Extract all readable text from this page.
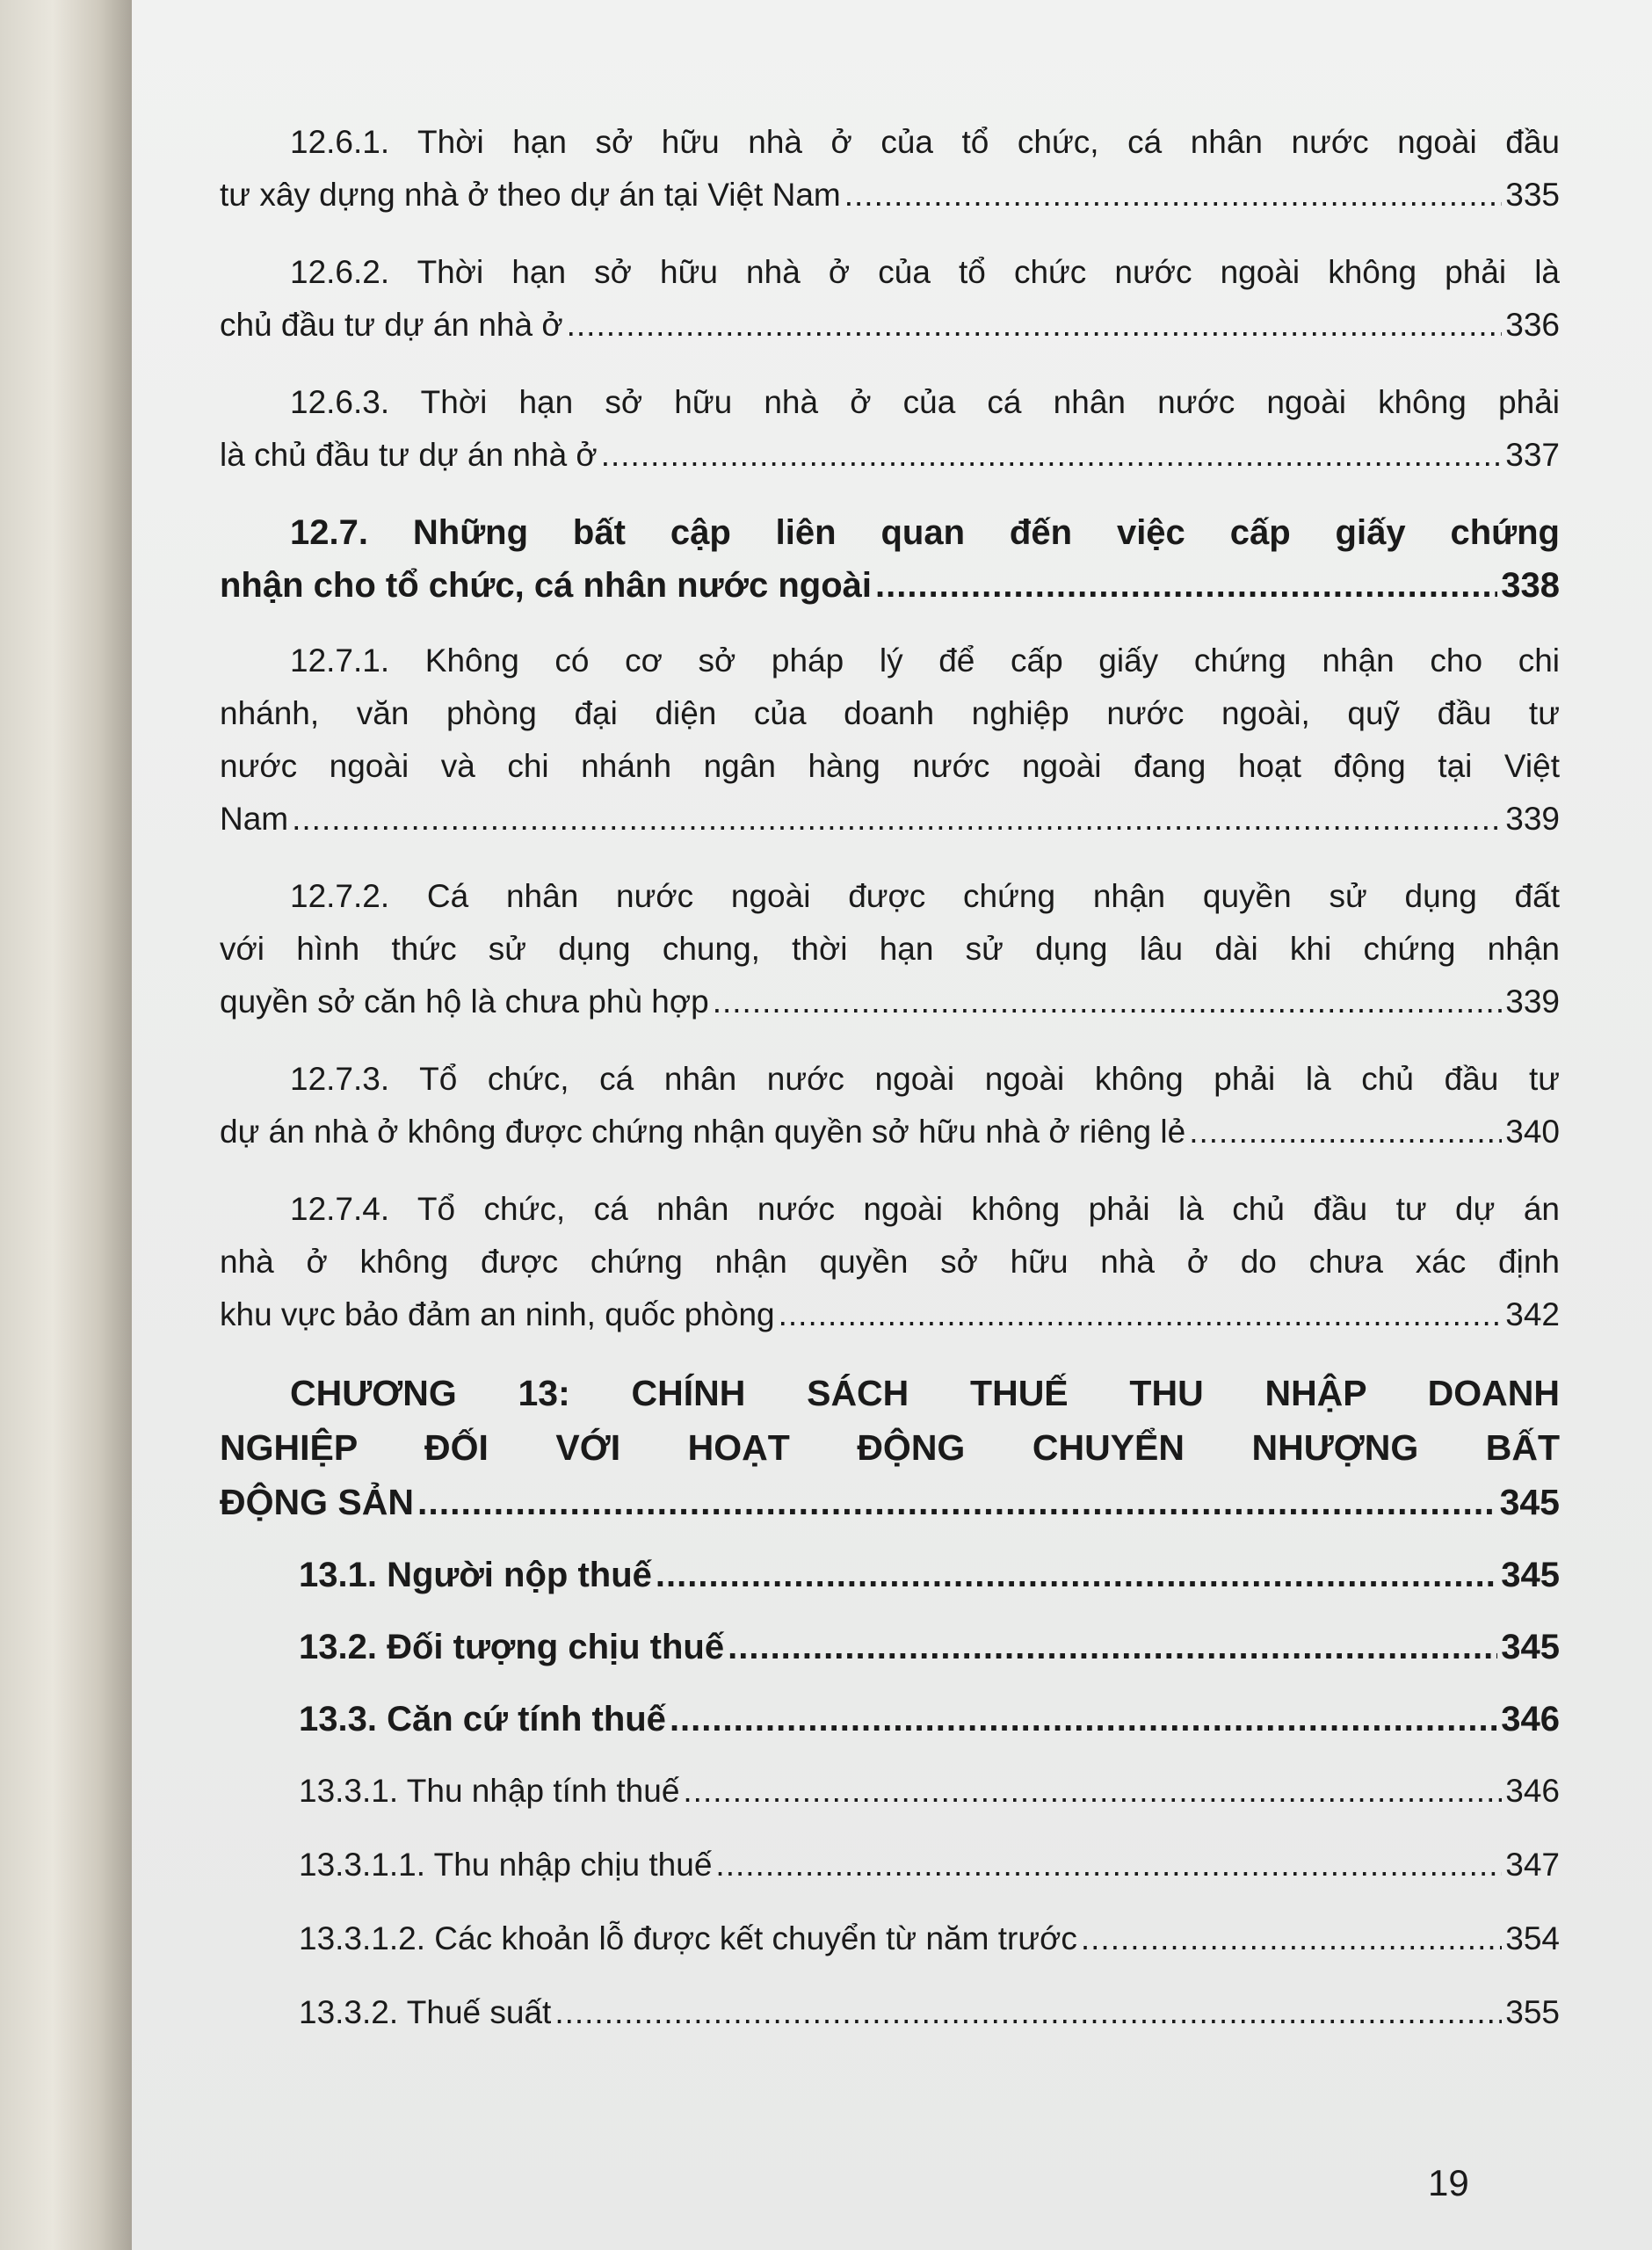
12.6.1. Thời hạn sở hữu nhà ở của tổ chức, cá nhân nước ngoài đầu
tư xây dựng nhà ở theo dự án tại Việt Nam .....	335
12.6.2. Thời hạn sở hữu nhà ở của tổ chức nước ngoài không phải là
chủ đầu tư dự án nhà ở .....	336
12.6.3. Thời hạn sở hữu nhà ở của cá nhân nước ngoài không phải
là chủ đầu tư dự án nhà ở .....	337
12.7. Những bất cập liên quan đến việc cấp giấy chứng
nhận cho tổ chức, cá nhân nước ngoài .....	338
12.7.1. Không có cơ sở pháp lý để cấp giấy chứng nhận cho chi
nhánh, văn phòng đại diện của doanh nghiệp nước ngoài, quỹ đầu tư
nước ngoài và chi nhánh ngân hàng nước ngoài đang hoạt động tại Việt
Nam .....	339
12.7.2. Cá nhân nước ngoài được chứng nhận quyền sử dụng đất
với hình thức sử dụng chung, thời hạn sử dụng lâu dài khi chứng nhận
quyền sở căn hộ là chưa phù hợp .....	339
12.7.3. Tổ chức, cá nhân nước ngoài ngoài không phải là chủ đầu tư
dự án nhà ở không được chứng nhận quyền sở hữu nhà ở riêng lẻ .....	340
12.7.4. Tổ chức, cá nhân nước ngoài không phải là chủ đầu tư dự án
nhà ở không được chứng nhận quyền sở hữu nhà ở do chưa xác định
khu vực bảo đảm an ninh, quốc phòng .....	342
CHƯƠNG 13: CHÍNH SÁCH THUẾ THU NHẬP DOANH
NGHIỆP ĐỐI VỚI HOẠT ĐỘNG CHUYỂN NHƯỢNG BẤT
ĐỘNG SẢN .....	345
13.1. Người nộp thuế .....	345
13.2. Đối tượng chịu thuế .....	345
13.3. Căn cứ tính thuế .....	346
13.3.1. Thu nhập tính thuế .....	346
13.3.1.1. Thu nhập chịu thuế .....	347
13.3.1.2. Các khoản lỗ được kết chuyển từ năm trước .....	354
13.3.2. Thuế suất .....	355
19
